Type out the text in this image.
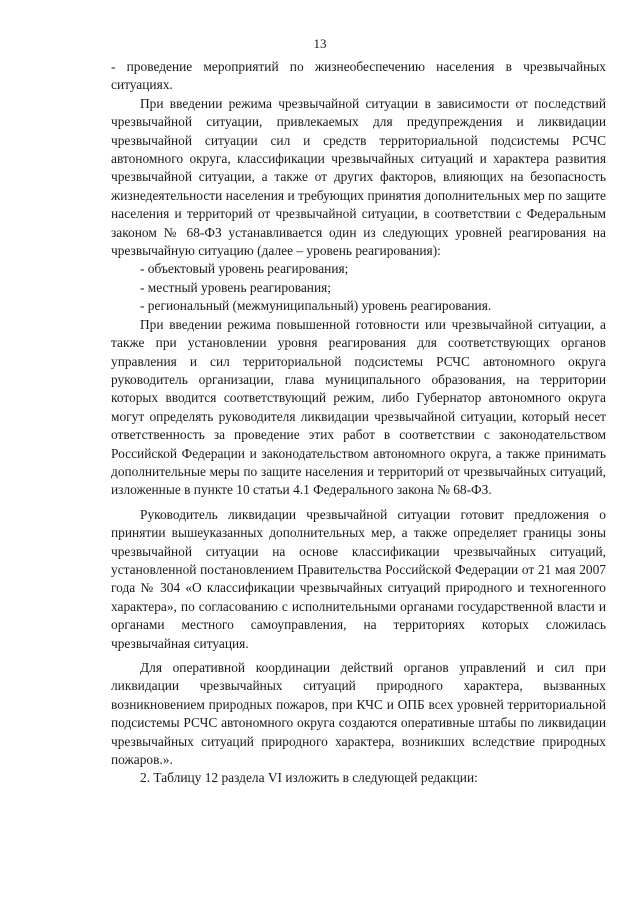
13

- проведение мероприятий по жизнеобеспечению населения в чрезвычайных ситуациях.

При введении режима чрезвычайной ситуации в зависимости от последствий чрезвычайной ситуации, привлекаемых для предупреждения и ликвидации чрезвычайной ситуации сил и средств территориальной подсистемы РСЧС автономного округа, классификации чрезвычайных ситуаций и характера развития чрезвычайной ситуации, а также от других факторов, влияющих на безопасность жизнедеятельности населения и требующих принятия дополнительных мер по защите населения и территорий от чрезвычайной ситуации, в соответствии с Федеральным законом № 68-ФЗ устанавливается один из следующих уровней реагирования на чрезвычайную ситуацию (далее – уровень реагирования):

- объектовый уровень реагирования;

- местный уровень реагирования;

- региональный (межмуниципальный) уровень реагирования.

При введении режима повышенной готовности или чрезвычайной ситуации, а также при установлении уровня реагирования для соответствующих органов управления и сил территориальной подсистемы РСЧС автономного округа руководитель организации, глава муниципального образования, на территории которых вводится соответствующий режим, либо Губернатор автономного округа могут определять руководителя ликвидации чрезвычайной ситуации, который несет ответственность за проведение этих работ в соответствии с законодательством Российской Федерации и законодательством автономного округа, а также принимать дополнительные меры по защите населения и территорий от чрезвычайных ситуаций, изложенные в пункте 10 статьи 4.1 Федерального закона № 68-ФЗ.

Руководитель ликвидации чрезвычайной ситуации готовит предложения о принятии вышеуказанных дополнительных мер, а также определяет границы зоны чрезвычайной ситуации на основе классификации чрезвычайных ситуаций, установленной постановлением Правительства Российской Федерации от 21 мая 2007 года № 304 «О классификации чрезвычайных ситуаций природного и техногенного характера», по согласованию с исполнительными органами государственной власти и органами местного самоуправления, на территориях которых сложилась чрезвычайная ситуация.

Для оперативной координации действий органов управлений и сил при ликвидации чрезвычайных ситуаций природного характера, вызванных возникновением природных пожаров, при КЧС и ОПБ всех уровней территориальной подсистемы РСЧС автономного округа создаются оперативные штабы по ликвидации чрезвычайных ситуаций природного характера, возникших вследствие природных пожаров.».

2. Таблицу 12 раздела VI изложить в следующей редакции:
